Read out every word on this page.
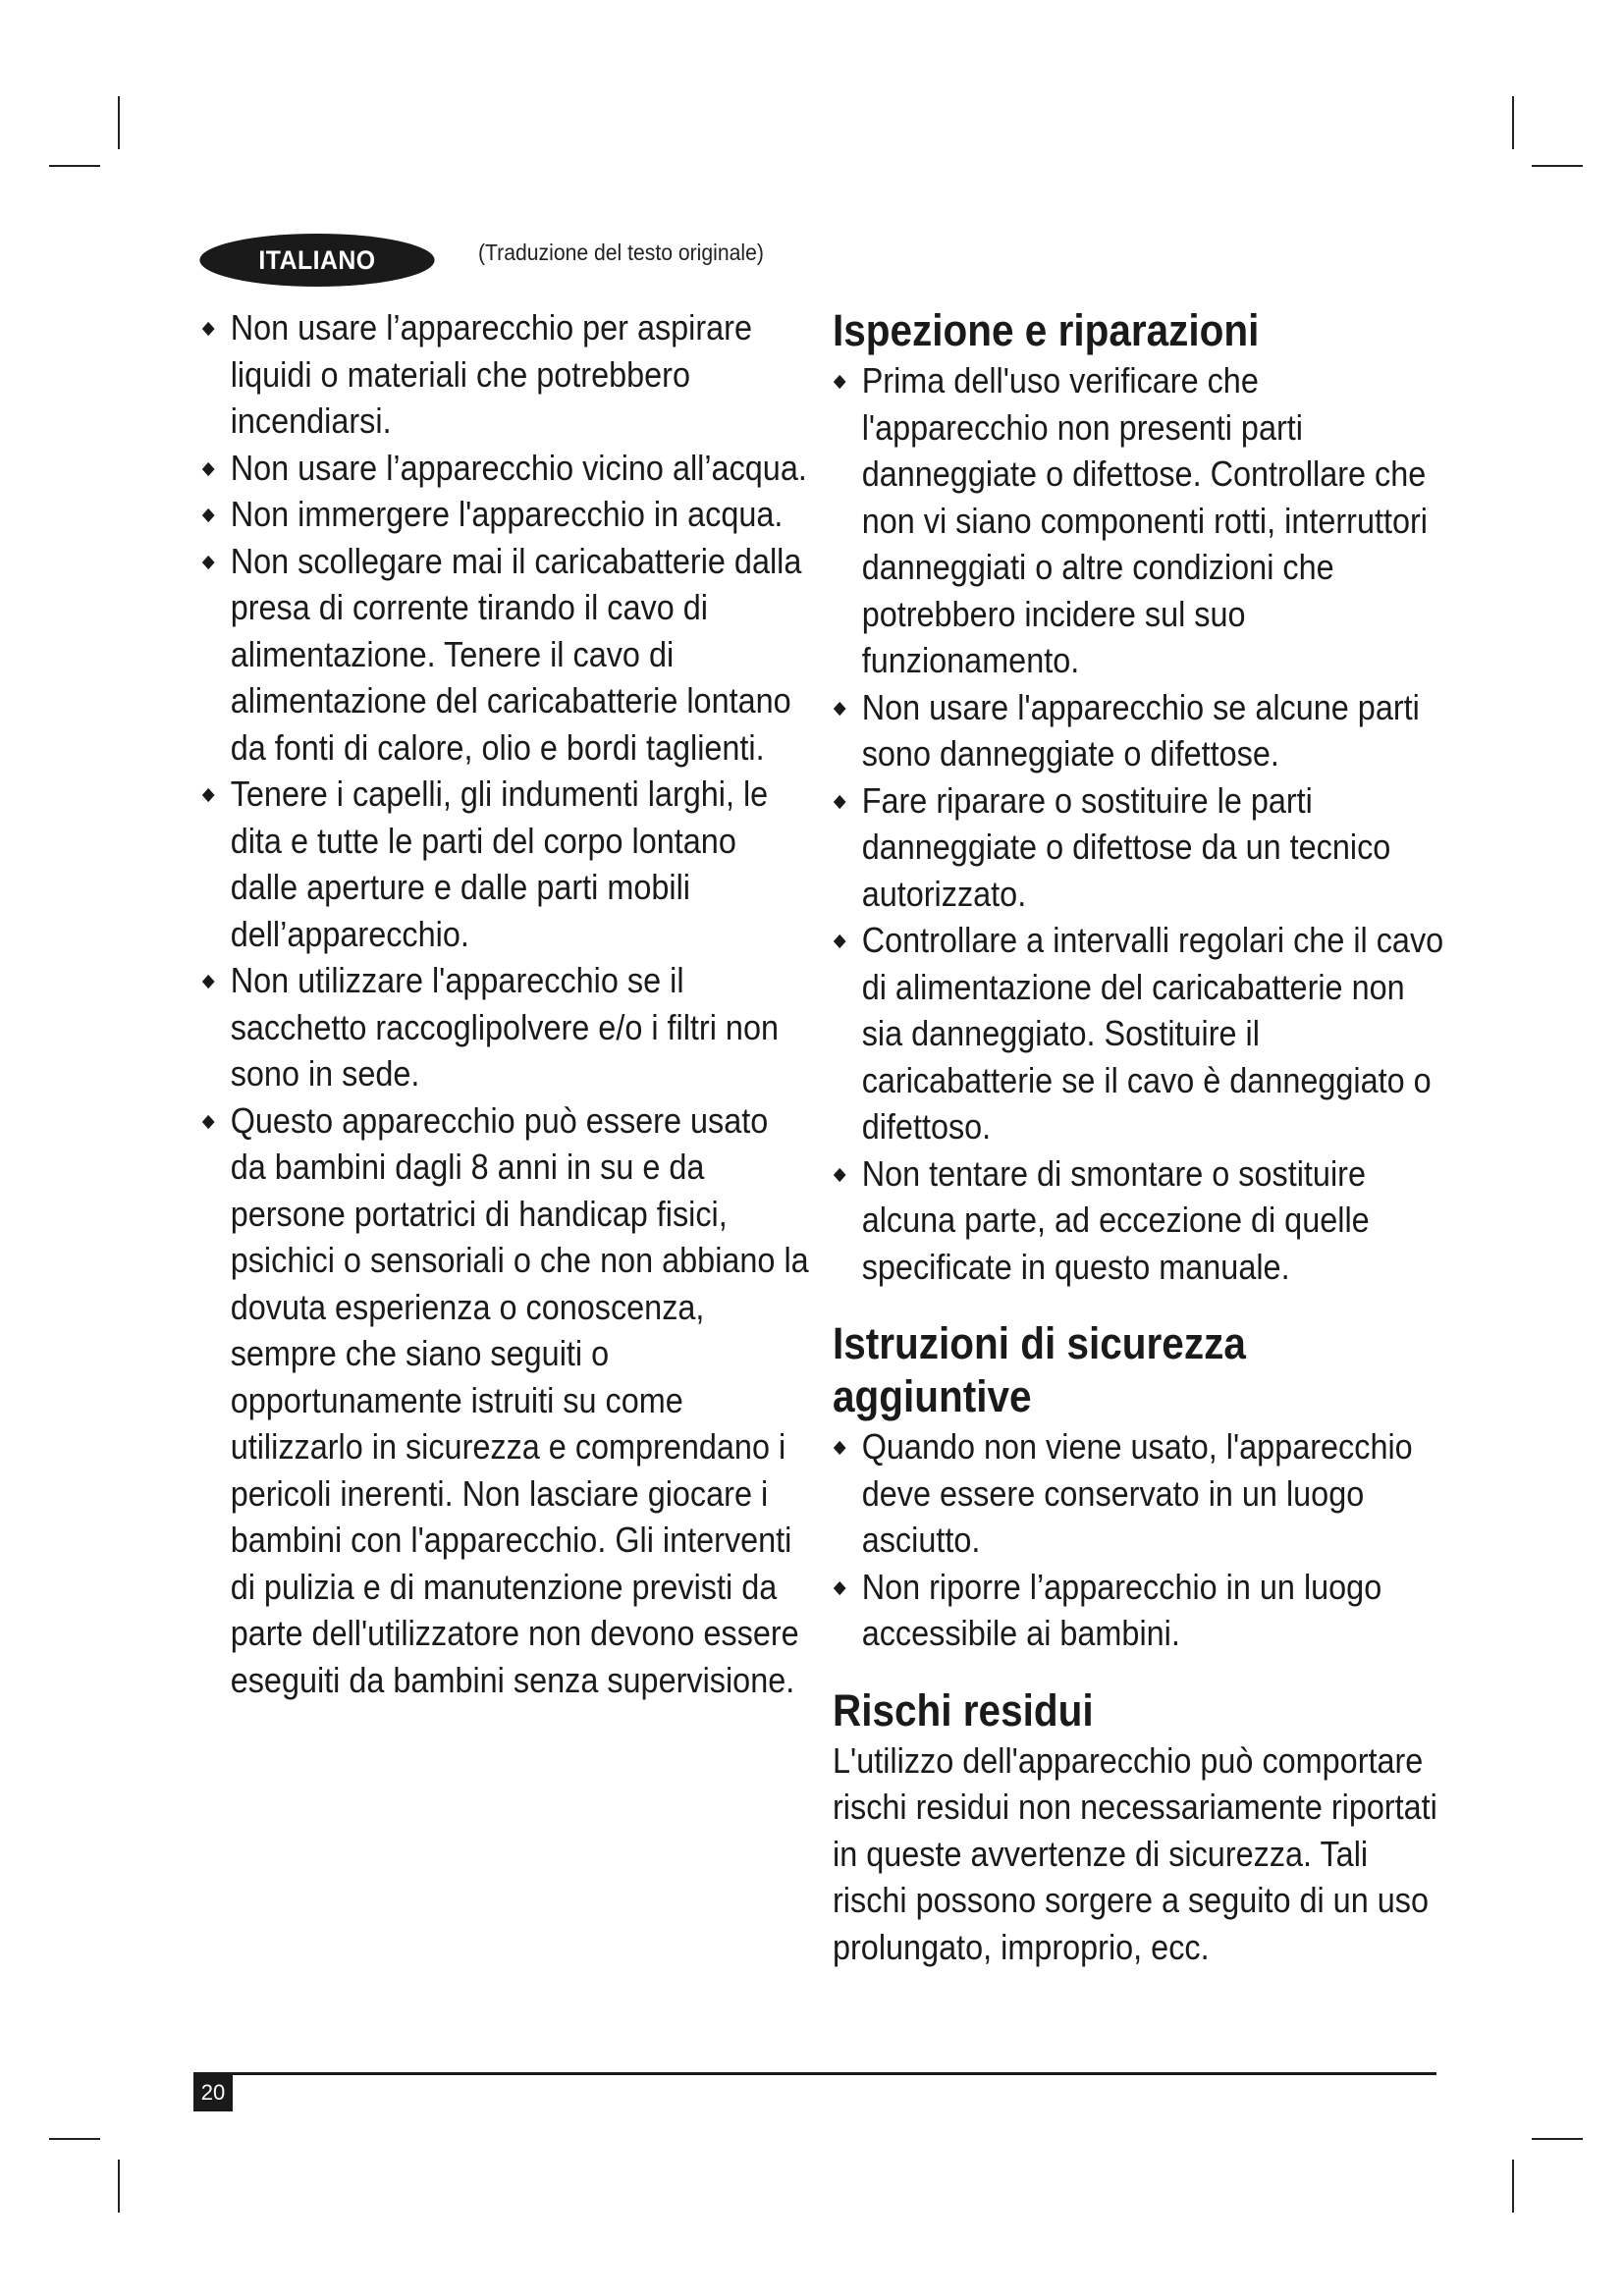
ITALIANO	(Traduzione del testo originale)
Non usare l’apparecchio per aspirare liquidi o materiali che potrebbero incendiarsi.
Non usare l’apparecchio vicino all’acqua.
Non immergere l'apparecchio in acqua.
Non scollegare mai il caricabatterie dalla presa di corrente tirando il cavo di alimentazione. Tenere il cavo di alimentazione del caricabatterie lontano da fonti di calore, olio e bordi taglienti.
Tenere i capelli, gli indumenti larghi, le dita e tutte le parti del corpo lontano dalle aperture e dalle parti mobili dell’apparecchio.
Non utilizzare l'apparecchio se il sacchetto raccoglipolvere e/o i filtri non sono in sede.
Questo apparecchio può essere usato da bambini dagli 8 anni in su e da persone portatrici di handicap fisici, psichici o sensoriali o che non abbiano la dovuta esperienza o conoscenza, sempre che siano seguiti o opportunamente istruiti su come utilizzarlo in sicurezza e comprendano i pericoli inerenti. Non lasciare giocare i bambini con l'apparecchio. Gli interventi di pulizia e di manutenzione previsti da parte dell'utilizzatore non devono essere eseguiti da bambini senza supervisione.
Ispezione e riparazioni
Prima dell'uso verificare che l'apparecchio non presenti parti danneggiate o difettose. Controllare che non vi siano componenti rotti, interruttori danneggiati o altre condizioni che potrebbero incidere sul suo funzionamento.
Non usare l'apparecchio se alcune parti sono danneggiate o difettose.
Fare riparare o sostituire le parti danneggiate o difettose da un tecnico autorizzato.
Controllare a intervalli regolari che il cavo di alimentazione del caricabatterie non sia danneggiato. Sostituire il caricabatterie se il cavo è danneggiato o difettoso.
Non tentare di smontare o sostituire alcuna parte, ad eccezione di quelle specificate in questo manuale.
Istruzioni di sicurezza aggiuntive
Quando non viene usato, l'apparecchio deve essere conservato in un luogo asciutto.
Non riporre l’apparecchio in un luogo accessibile ai bambini.
Rischi residui

L'utilizzo dell'apparecchio può comportare rischi residui non necessariamente riportati in queste avvertenze di sicurezza. Tali rischi possono sorgere a seguito di un uso prolungato, improprio, ecc.

20
